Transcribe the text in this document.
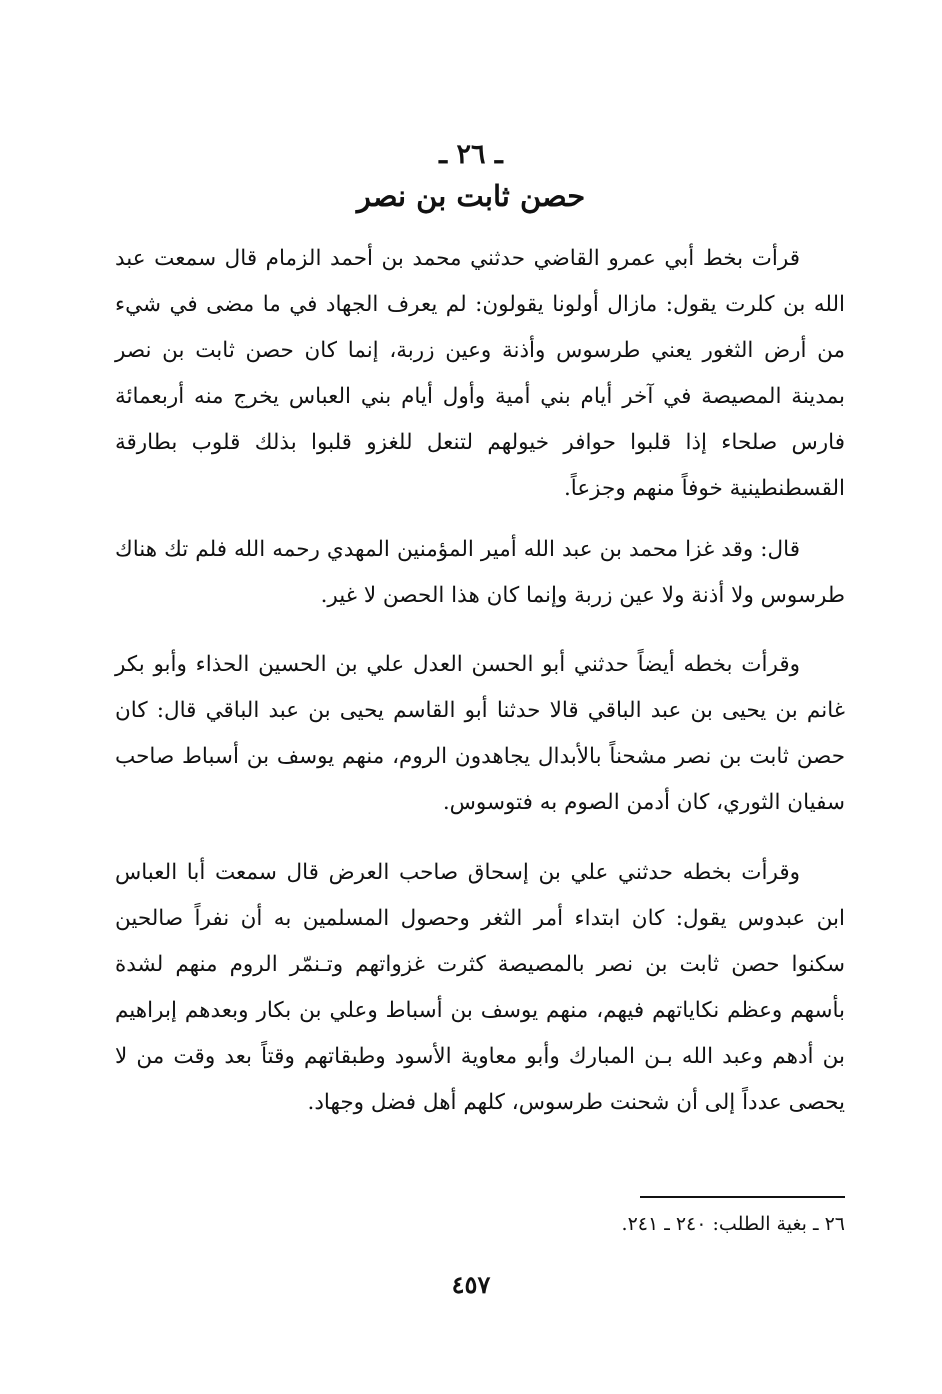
ـ ٢٦ ـ
حصن ثابت بن نصر

قرأت بخط أبي عمرو القاضي حدثني محمد بن أحمد الزمام قال سمعت عبد الله بن كلرت يقول: مازال أولونا يقولون: لم يعرف الجهاد في ما مضى في شيء من أرض الثغور يعني طرسوس وأذنة وعين زربة، إنما كان حصن ثابت بن نصر بمدينة المصيصة في آخر أيام بني أمية وأول أيام بني العباس يخرج منه أربعمائة فارس صلحاء إذا قلبوا حوافر خيولهم لتنعل للغزو قلبوا بذلك قلوب بطارقة القسطنطينية خوفاً منهم وجزعاً.

قال: وقد غزا محمد بن عبد الله أمير المؤمنين المهدي رحمه الله فلم تك هناك طرسوس ولا أذنة ولا عين زربة وإنما كان هذا الحصن لا غير.

وقرأت بخطه أيضاً حدثني أبو الحسن العدل علي بن الحسين الحذاء وأبو بكر غانم بن يحيى بن عبد الباقي قالا حدثنا أبو القاسم يحيى بن عبد الباقي قال: كان حصن ثابت بن نصر مشحناً بالأبدال يجاهدون الروم، منهم يوسف بن أسباط صاحب سفيان الثوري، كان أدمن الصوم به فتوسوس.

وقرأت بخطه حدثني علي بن إسحاق صاحب العرض قال سمعت أبا العباس ابن عبدوس يقول: كان ابتداء أمر الثغر وحصول المسلمين به أن نفراً صالحين سكنوا حصن ثابت بن نصر بالمصيصة كثرت غزواتهم وتـنمّر الروم منهم لشدة بأسهم وعظم نكاياتهم فيهم، منهم يوسف بن أسباط وعلي بن بكار وبعدهم إبراهيم بن أدهم وعبد الله بـن المبارك وأبو معاوية الأسود وطبقاتهم وقتاً بعد وقت من لا يحصى عدداً إلى أن شحنت طرسوس، كلهم أهل فضل وجهاد.

٢٦ ـ بغية الطلب: ٢٤٠ ـ ٢٤١.
٤٥٧
